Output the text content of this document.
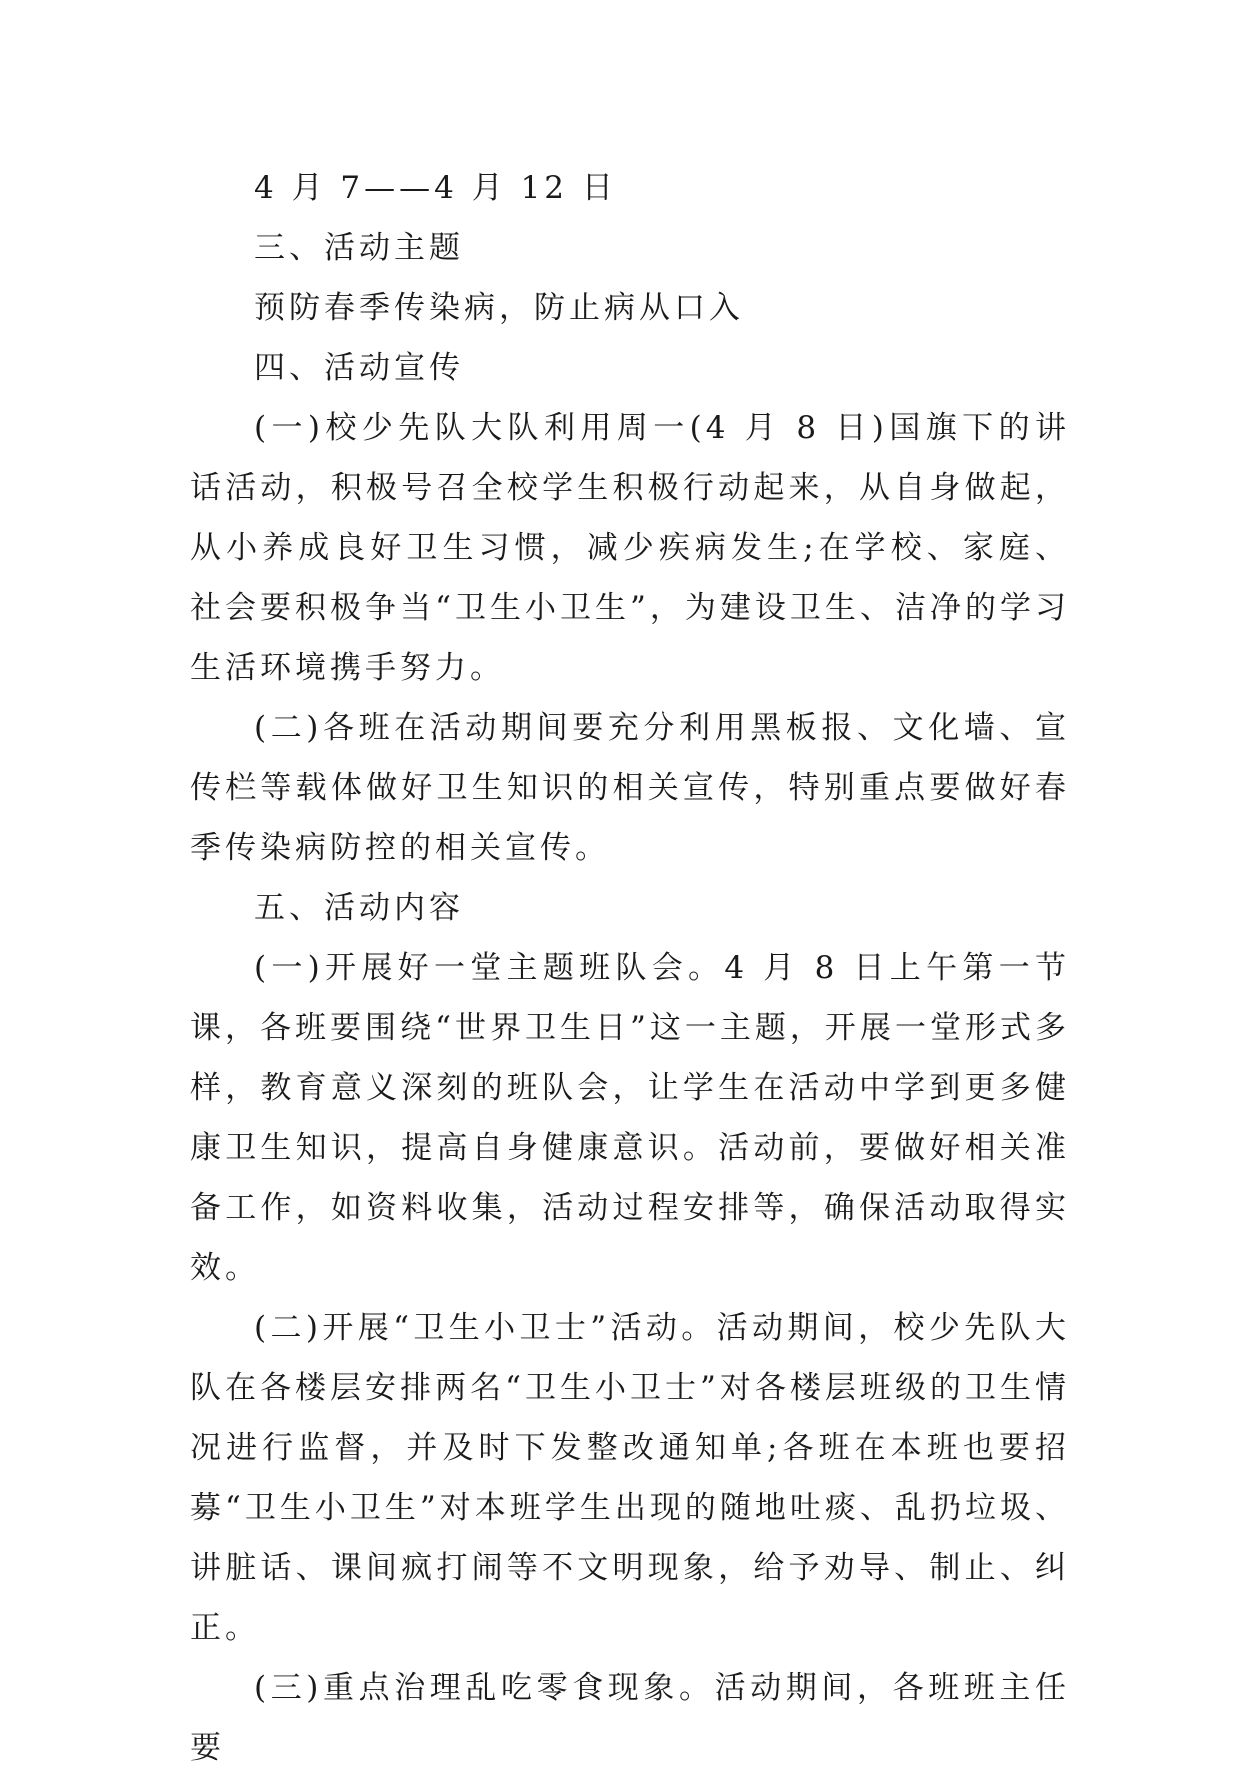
4 月 7——4 月 12 日

三、活动主题

预防春季传染病，防止病从口入

四、活动宣传

(一)校少先队大队利用周一(4 月 8 日)国旗下的讲话活动，积极号召全校学生积极行动起来，从自身做起，从小养成良好卫生习惯，减少疾病发生;在学校、家庭、社会要积极争当“卫生小卫生”，为建设卫生、洁净的学习生活环境携手努力。

(二)各班在活动期间要充分利用黑板报、文化墙、宣传栏等载体做好卫生知识的相关宣传，特别重点要做好春季传染病防控的相关宣传。

五、活动内容

(一)开展好一堂主题班队会。4 月 8 日上午第一节课，各班要围绕“世界卫生日”这一主题，开展一堂形式多样，教育意义深刻的班队会，让学生在活动中学到更多健康卫生知识，提高自身健康意识。活动前，要做好相关准备工作，如资料收集，活动过程安排等，确保活动取得实效。

(二)开展“卫生小卫士”活动。活动期间，校少先队大队在各楼层安排两名“卫生小卫士”对各楼层班级的卫生情况进行监督，并及时下发整改通知单;各班在本班也要招募“卫生小卫生”对本班学生出现的随地吐痰、乱扔垃圾、讲脏话、课间疯打闹等不文明现象，给予劝导、制止、纠正。

(三)重点治理乱吃零食现象。活动期间，各班班主任要
